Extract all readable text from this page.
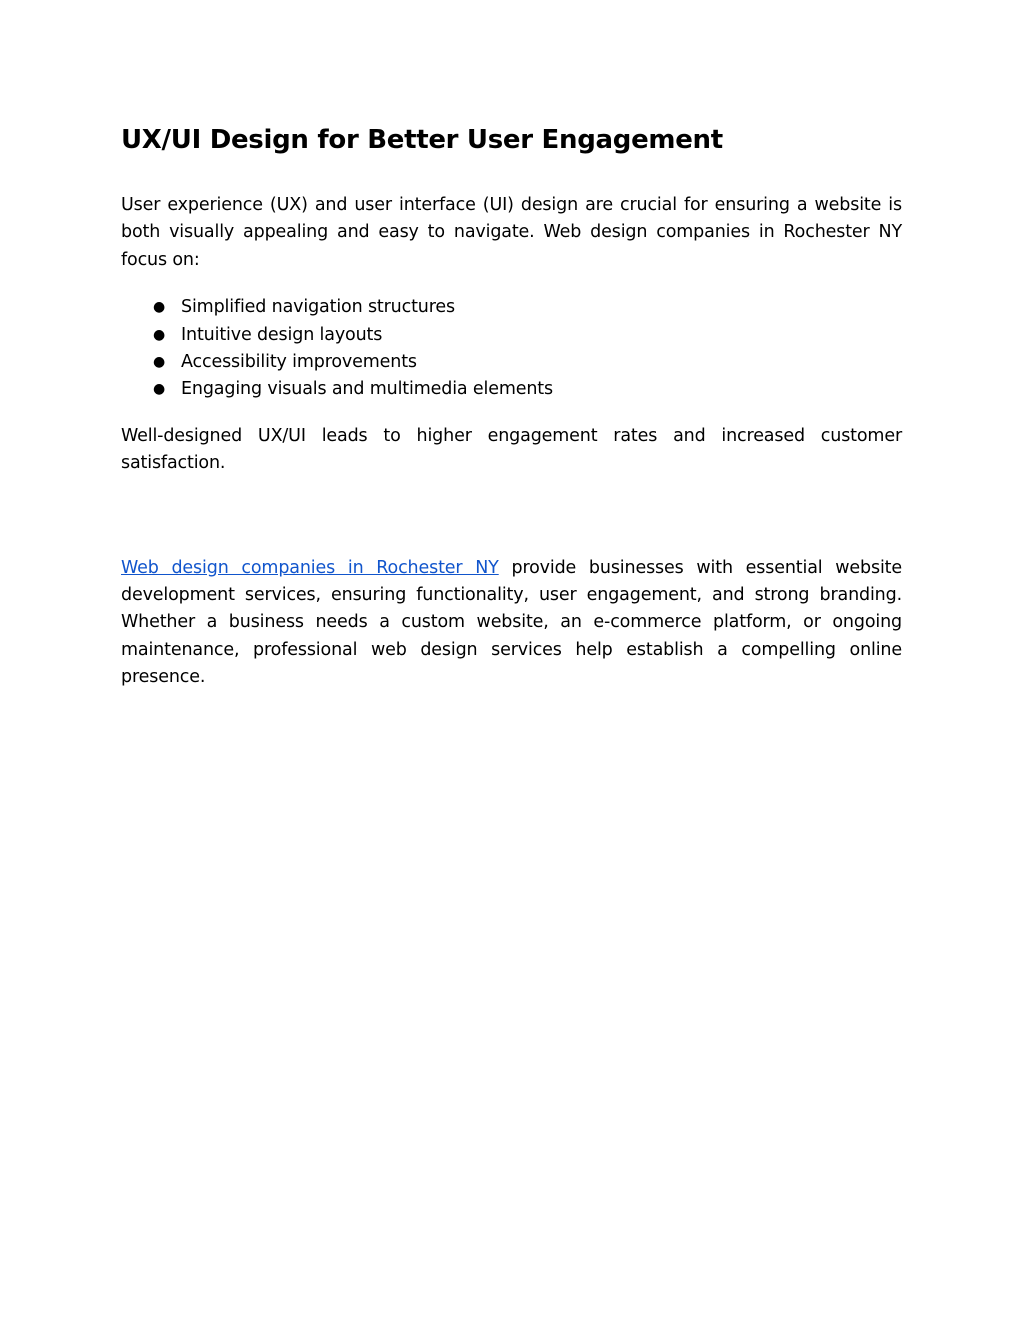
UX/UI Design for Better User Engagement

User experience (UX) and user interface (UI) design are crucial for ensuring a website is both visually appealing and easy to navigate. Web design companies in Rochester NY focus on:

● Simplified navigation structures
● Intuitive design layouts
● Accessibility improvements
● Engaging visuals and multimedia elements

Well-designed UX/UI leads to higher engagement rates and increased customer satisfaction.

Web design companies in Rochester NY provide businesses with essential website development services, ensuring functionality, user engagement, and strong branding. Whether a business needs a custom website, an e-commerce platform, or ongoing maintenance, professional web design services help establish a compelling online presence.
